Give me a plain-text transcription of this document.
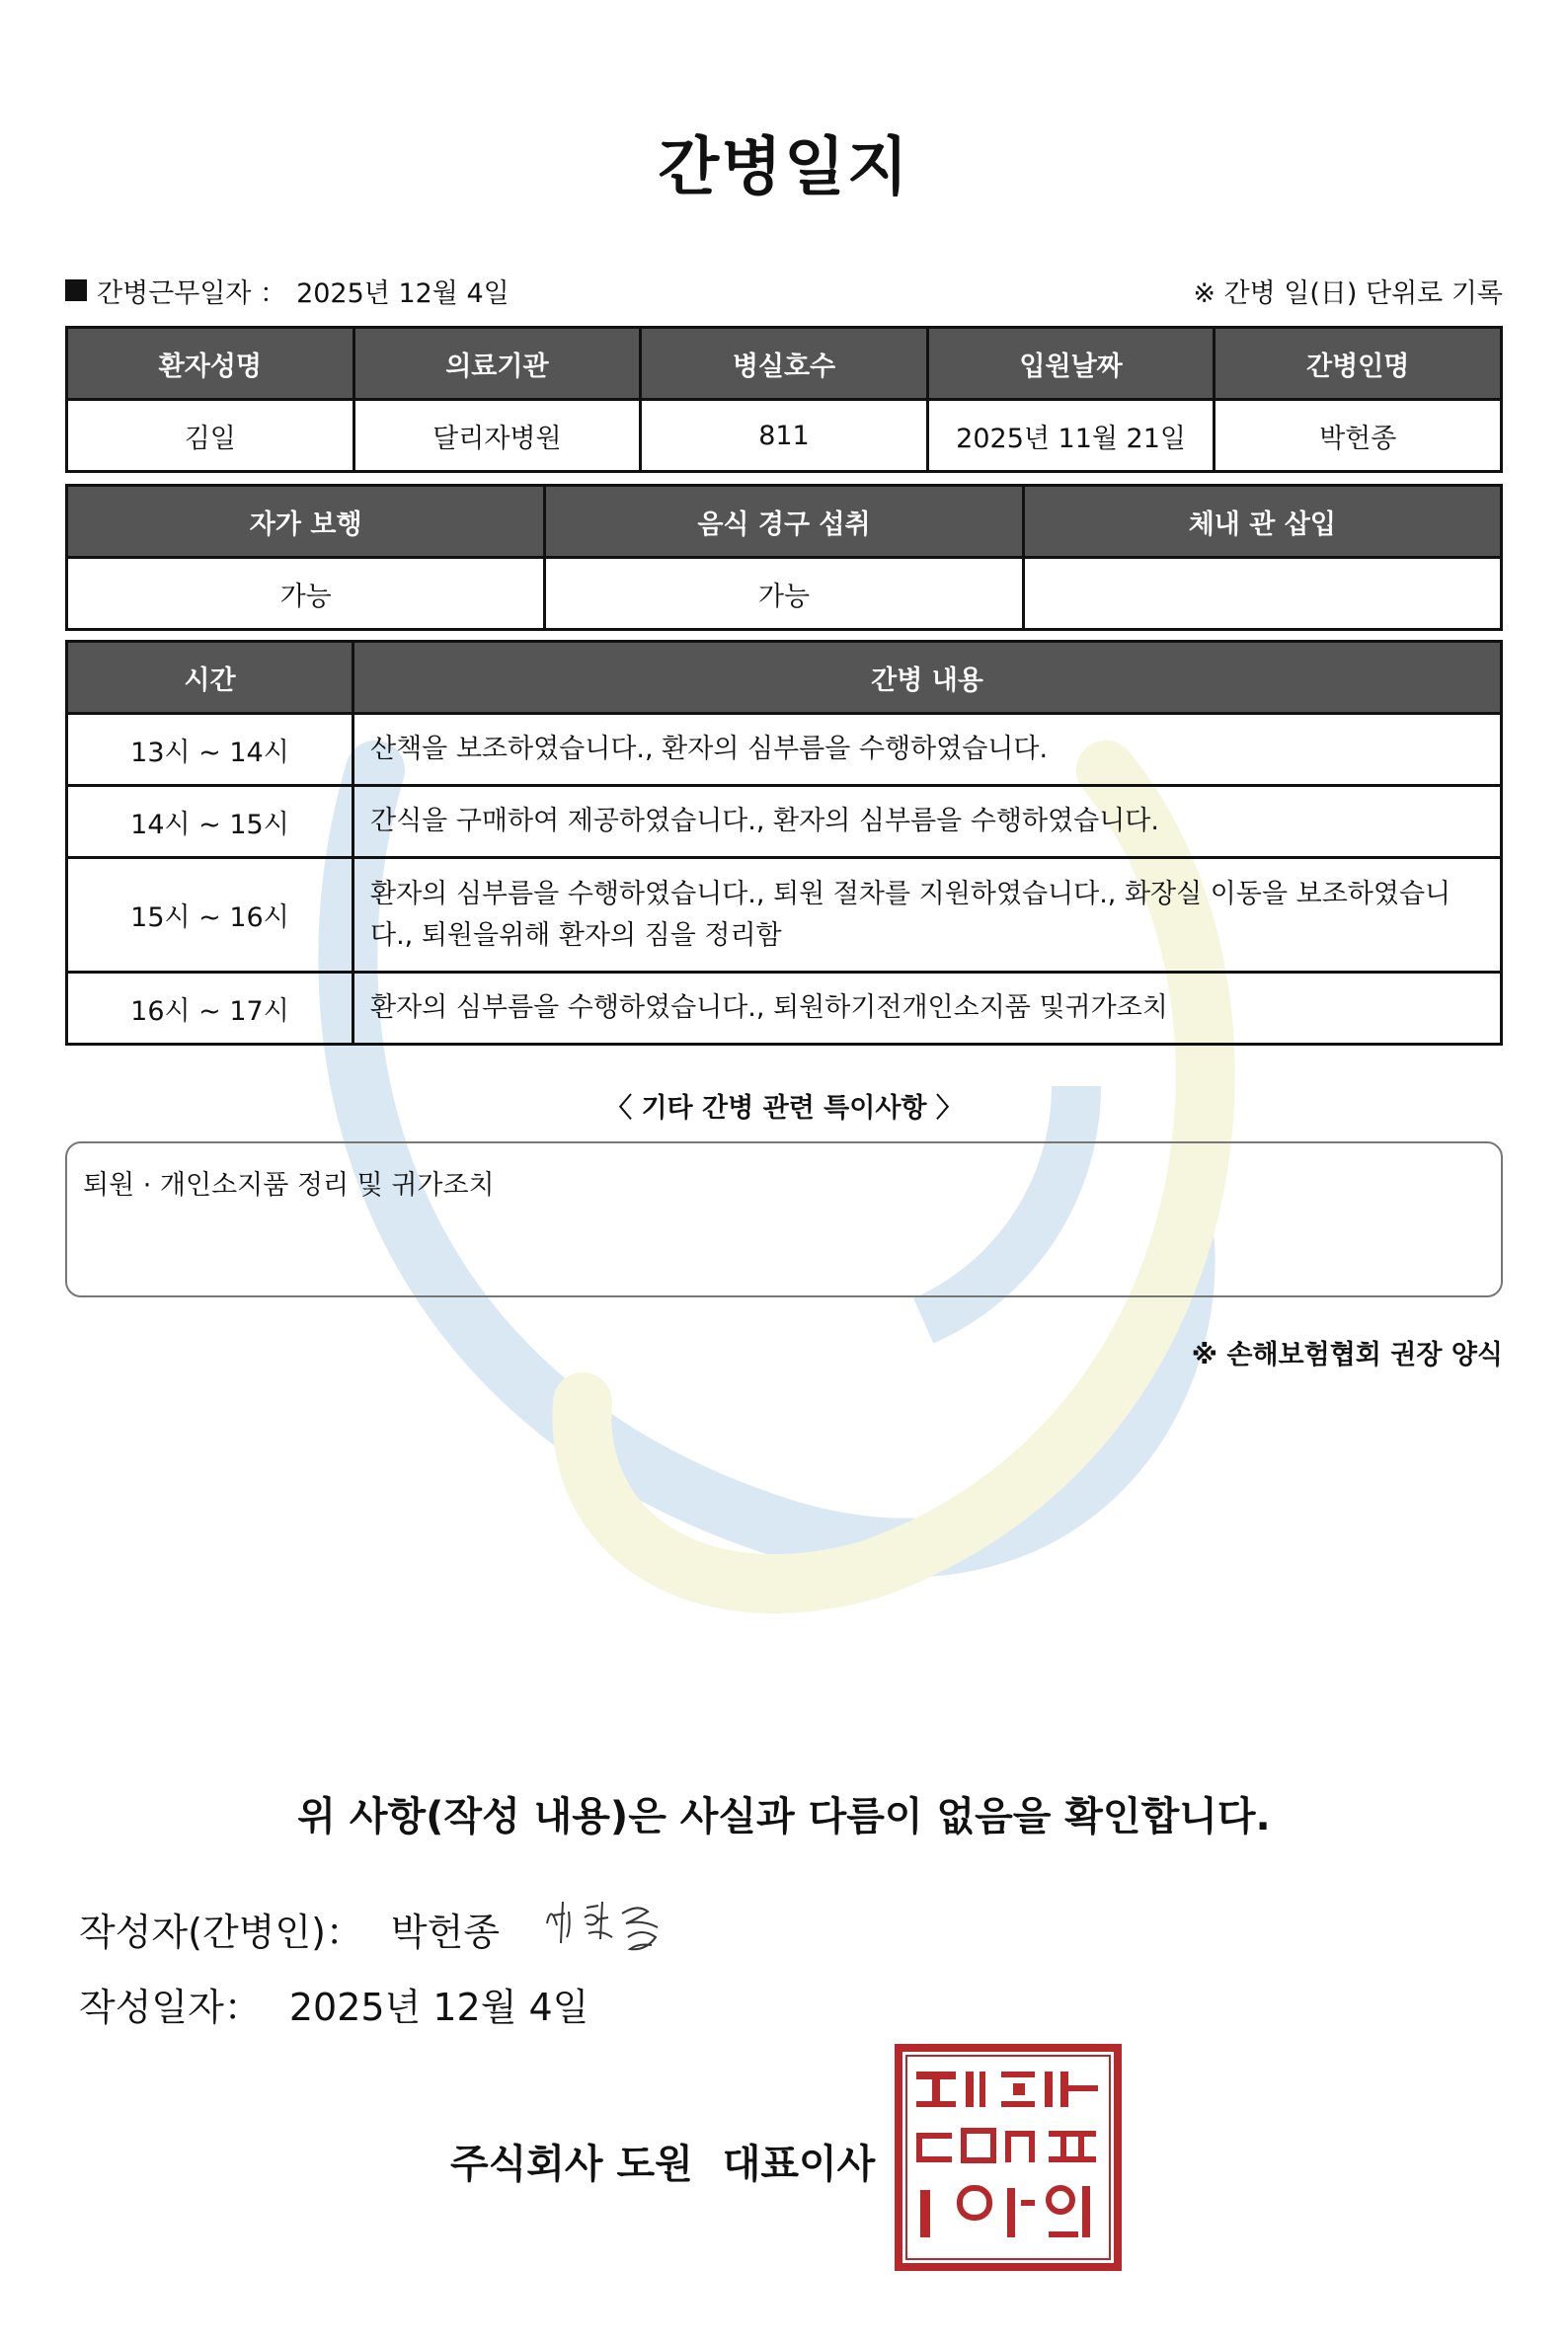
간병일지
간병근무일자 ： 2025년 12월 4일	※ 간병 일(日) 단위로 기록
환자성명	의료기관	병실호수	입원날짜	간병인명
김일	달리자병원	811	2025년 11월 21일	박헌종
자가 보행	음식 경구 섭취	체내 관 삽입
가능	가능	
시간	간병 내용
13시 ~ 14시	산책을 보조하였습니다., 환자의 심부름을 수행하였습니다.
14시 ~ 15시	간식을 구매하여 제공하였습니다., 환자의 심부름을 수행하였습니다.
15시 ~ 16시	환자의 심부름을 수행하였습니다., 퇴원 절차를 지원하였습니다., 화장실 이동을 보조하였습니다., 퇴원을위해 환자의 짐을 정리함
16시 ~ 17시	환자의 심부름을 수행하였습니다., 퇴원하기전개인소지품 및귀가조치
〈 기타 간병 관련 특이사항 〉
퇴원 · 개인소지품 정리 및 귀가조치
※ 손해보험협회 권장 양식
위 사항(작성 내용)은 사실과 다름이 없음을 확인합니다.
작성자(간병인)： 박헌종
작성일자： 2025년 12월 4일
주식회사 도원 대표이사
